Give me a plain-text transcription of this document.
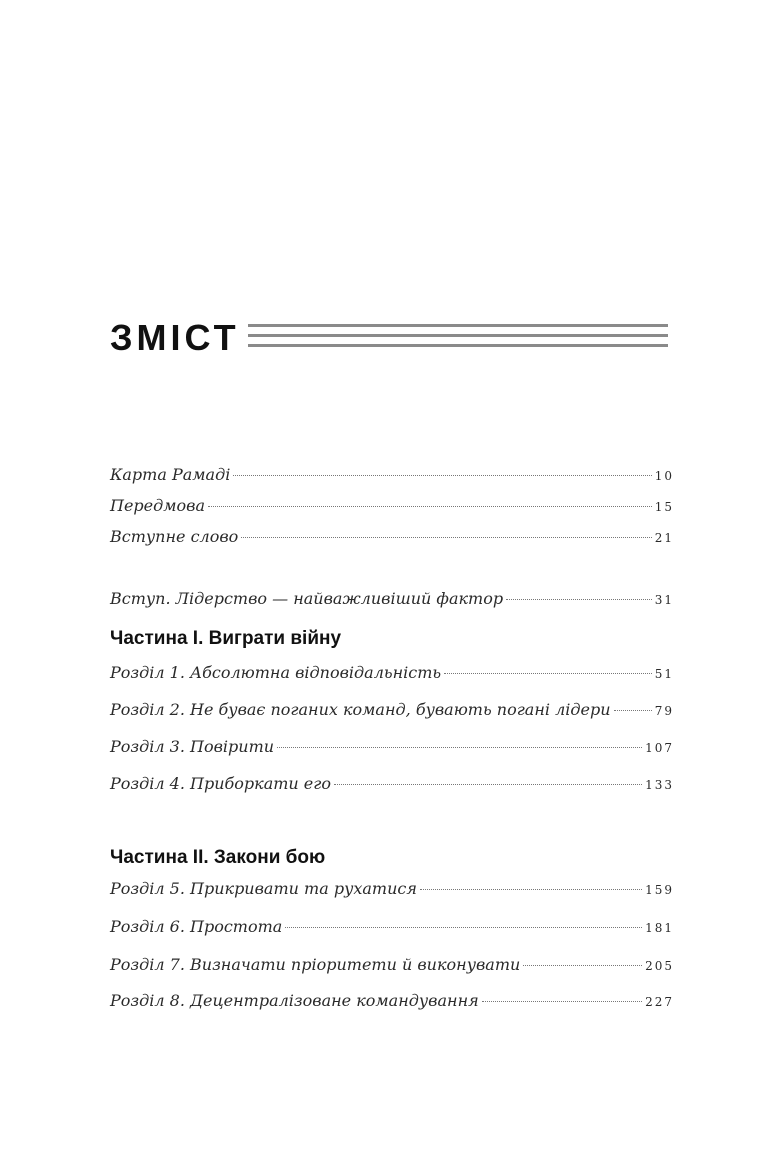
ЗМІСТ
Карта Рамаді	10
Передмова	15
Вступне слово	21
Вступ. Лідерство — найважливіший фактор	31
Частина І. Виграти війну
Розділ 1. Абсолютна відповідальність	51
Розділ 2. Не буває поганих команд, бувають погані лідери	79
Розділ 3. Повірити	107
Розділ 4. Приборкати его	133
Частина ІІ. Закони бою
Розділ 5. Прикривати та рухатися	159
Розділ 6. Простота	181
Розділ 7. Визначати пріоритети й виконувати	205
Розділ 8. Децентралізоване командування	227
